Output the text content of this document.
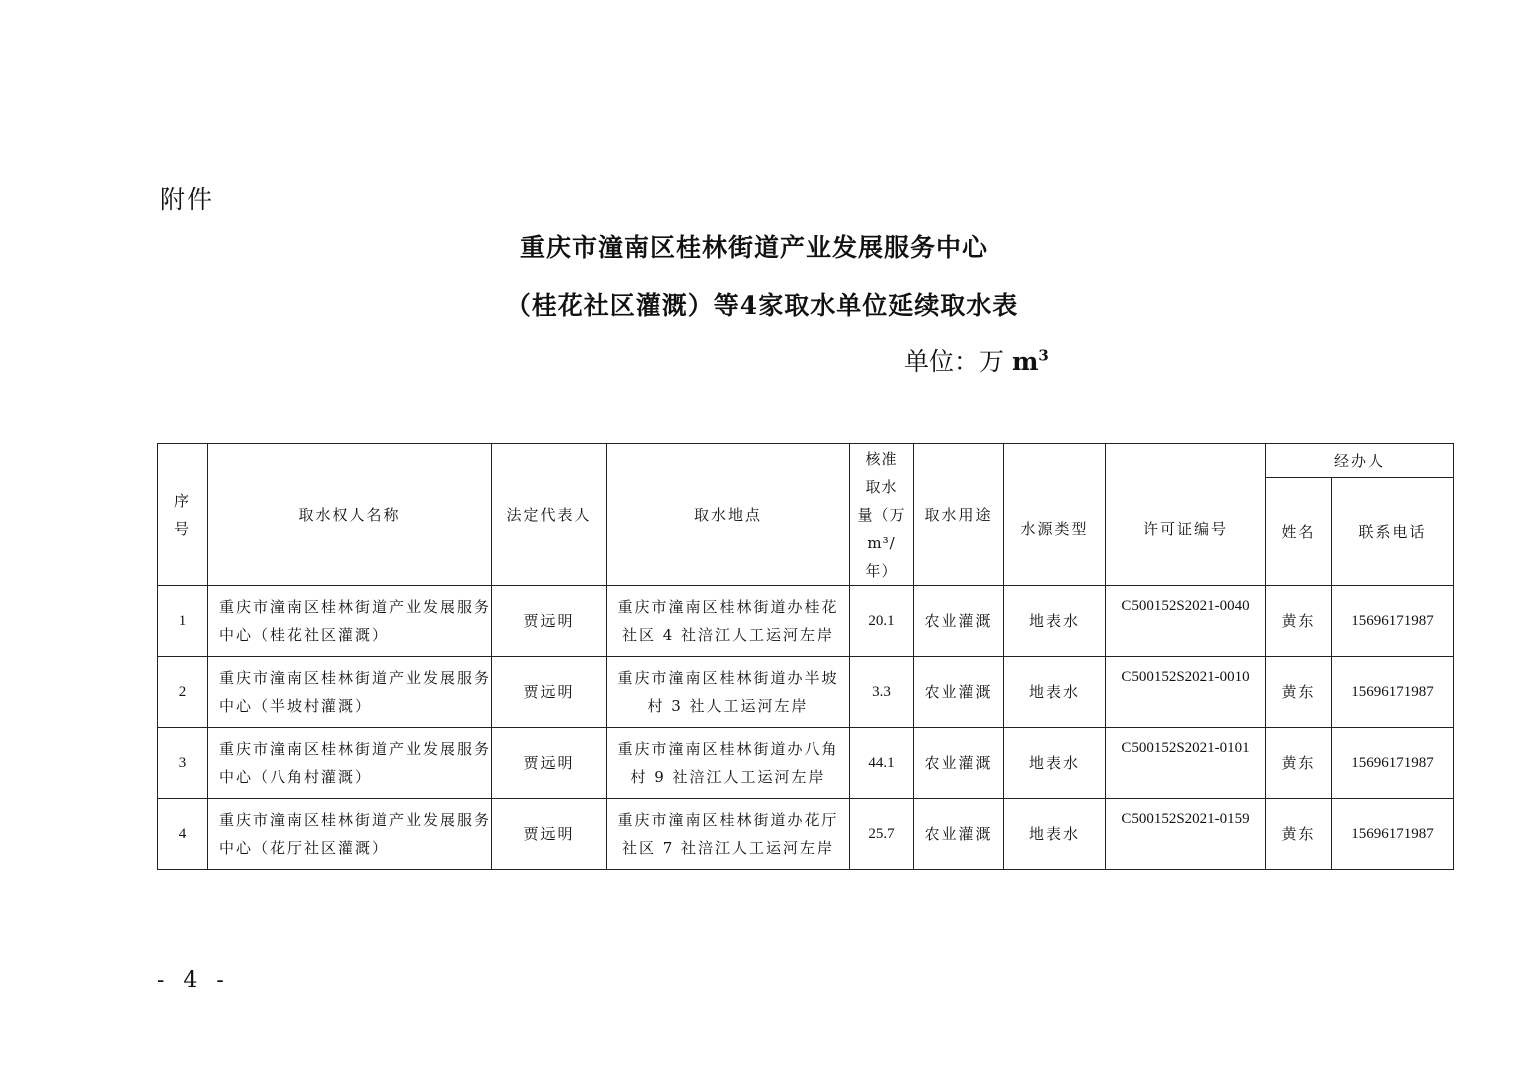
附件
重庆市潼南区桂林街道产业发展服务中心
（桂花社区灌溉）等4家取水单位延续取水表
单位：万 $m^3$
序
号	取水权人名称	法定代表人	取水地点	核准
取水
量（万
m³/
年）	取水用途	水源类型	许可证编号	经办人	
								姓名	联系电话
1	重庆市潼南区桂林街道产业发展服务
中心（桂花社区灌溉）	贾远明	重庆市潼南区桂林街道办桂花
社区 4 社涪江人工运河左岸	20.1	农业灌溉	地表水	C500152S2021-0040	黄东	15696171987
2	重庆市潼南区桂林街道产业发展服务
中心（半坡村灌溉）	贾远明	重庆市潼南区桂林街道办半坡
村 3 社人工运河左岸	3.3	农业灌溉	地表水	C500152S2021-0010	黄东	15696171987
3	重庆市潼南区桂林街道产业发展服务
中心（八角村灌溉）	贾远明	重庆市潼南区桂林街道办八角
村 9 社涪江人工运河左岸	44.1	农业灌溉	地表水	C500152S2021-0101	黄东	15696171987
4	重庆市潼南区桂林街道产业发展服务
中心（花厅社区灌溉）	贾远明	重庆市潼南区桂林街道办花厅
社区 7 社涪江人工运河左岸	25.7	农业灌溉	地表水	C500152S2021-0159	黄东	15696171987
- 4 -
